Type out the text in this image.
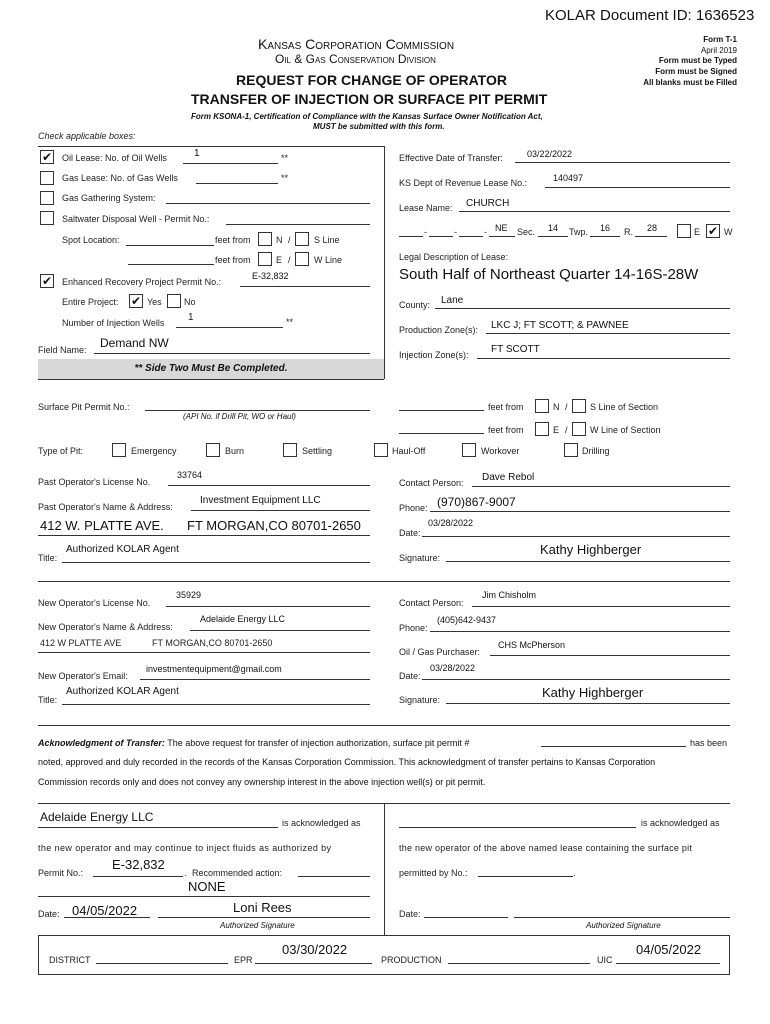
KOLAR Document ID: 1636523
Kansas Corporation Commission
Oil & Gas Conservation Division
REQUEST FOR CHANGE OF OPERATOR
TRANSFER OF INJECTION OR SURFACE PIT PERMIT
Form KSONA-1, Certification of Compliance with the Kansas Surface Owner Notification Act,
MUST be submitted with this form.
Form T-1
April 2019
Form must be Typed
Form must be Signed
All blanks must be Filled
Check applicable boxes:
✔ Oil Lease: No. of Oil Wells	1	**
Gas Lease: No. of Gas Wells	**
Gas Gathering System:
Saltwater Disposal Well - Permit No.:
Spot Location:	feet from	N /	S Line
feet from	E /	W Line
✔ Enhanced Recovery Project Permit No.:
E-32,832
Entire Project: ✔ Yes No
Number of Injection Wells 1	**
Field Name: Demand NW
** Side Two Must Be Completed.
Effective Date of Transfer:	03/22/2022
KS Dept of Revenue Lease No.:	140497
Lease Name: CHURCH
-	-	- NE Sec. 14 Twp. 16 R. 28	E ✔ W
Legal Description of Lease:
South Half of Northeast Quarter 14-16S-28W
County: Lane
Production Zone(s): LKC J; FT SCOTT; & PAWNEE
Injection Zone(s): FT SCOTT
Surface Pit Permit No.:
(API No. if Drill Pit, WO or Haul)
feet from	N / S Line of Section
feet from	E / W Line of Section
Type of Pit:	Emergency	Burn	Settling	Haul-Off	Workover	Drilling
Past Operator's License No.
33764
Past Operator's Name & Address:
Investment Equipment LLC
412 W. PLATTE AVE. FT MORGAN,CO 80701-2650
Title:
Authorized KOLAR Agent
Contact Person: Dave Rebol
Phone: (970)867-9007
Date:
03/28/2022
Signature:
Kathy Highberger
New Operator's License No.
35929
New Operator's Name & Address:
Adelaide Energy LLC
412 W PLATTE AVE	FT MORGAN,CO 80701-2650
New Operator's Email:
investmentequipment@gmail.com
Title:
Authorized KOLAR Agent
Contact Person:
Jim Chisholm
Phone:
(405)642-9437
Oil / Gas Purchaser:
CHS McPherson
Date:
03/28/2022
Signature:	Kathy Highberger
Acknowledgment of Transfer: The above request for transfer of injection authorization, surface pit permit #	has been
noted, approved and duly recorded in the records of the Kansas Corporation Commission. This acknowledgment of transfer pertains to Kansas Corporation
Commission records only and does not convey any ownership interest in the above injection well(s) or pit permit.
Adelaide Energy LLC	is acknowledged as	is acknowledged as
the new operator and may continue to inject fluids as authorized by	the new operator of the above named lease containing the surface pit
Permit No.:
E-32,832
. Recommended action:
NONE
permitted by No.:	.
Date: 04/05/2022	Loni Rees
Authorized Signature
Date:
Authorized Signature
DISTRICT	EPR
03/30/2022
PRODUCTION	UIC
04/05/2022
